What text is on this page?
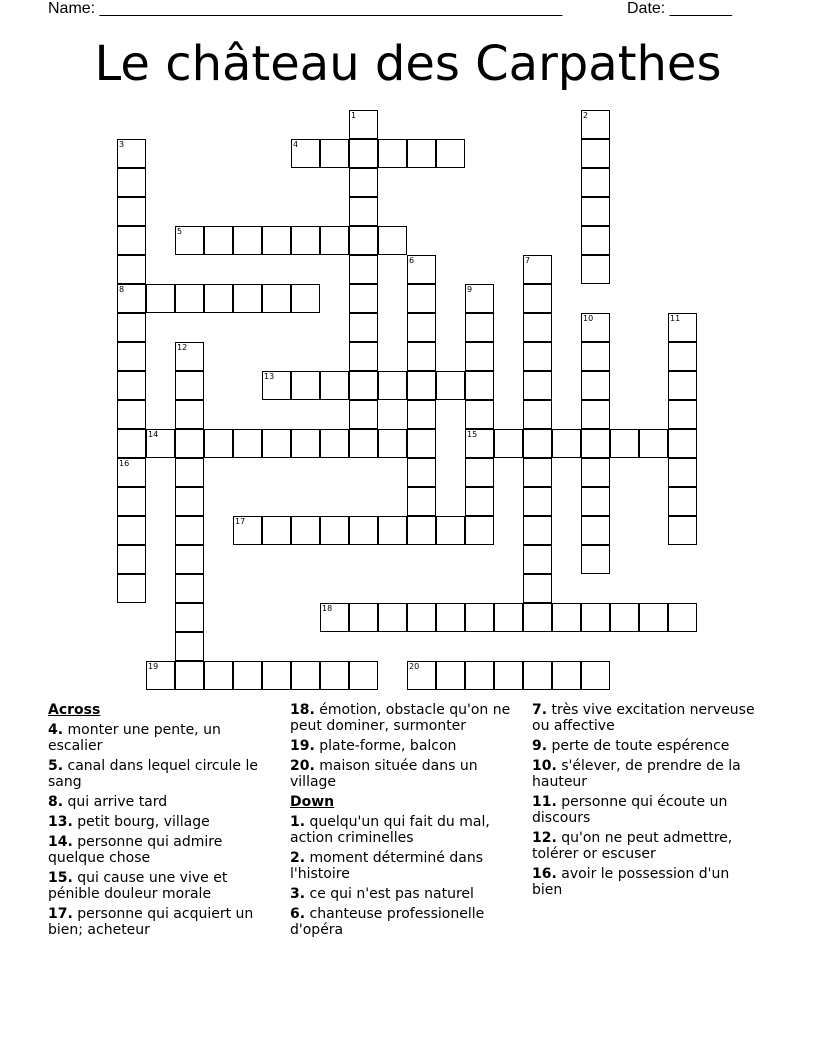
Name: ____________________________________________________	Date: _______
Le château des Carpathes
4
5
8
13
14	15
17
18
19	20
1	2
3
6	7
9
10	11
12
16
Across
4. monter une pente, un escalier
5. canal dans lequel circule le sang
8. qui arrive tard
13. petit bourg, village
14. personne qui admire quelque chose
15. qui cause une vive et pénible douleur morale
17. personne qui acquiert un bien; acheteur
18. émotion, obstacle qu'on ne peut dominer, surmonter
19. plate-forme, balcon
20. maison située dans un village
Down
1. quelqu'un qui fait du mal, action criminelles
2. moment déterminé dans l'histoire
3. ce qui n'est pas naturel
6. chanteuse professionelle d'opéra
7. très vive excitation nerveuse ou affective
9. perte de toute espérence
10. s'élever, de prendre de la hauteur
11. personne qui écoute un discours
12. qu'on ne peut admettre, tolérer or escuser
16. avoir le possession d'un bien
